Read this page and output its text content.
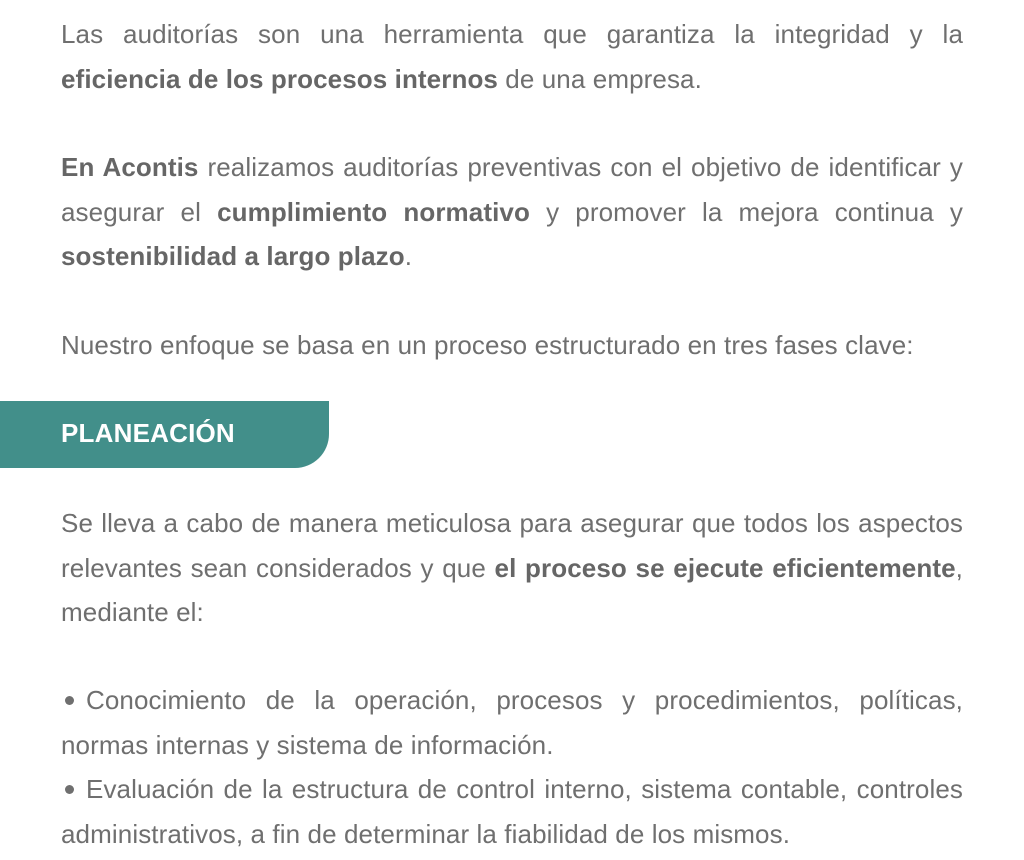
Las auditorías son una herramienta que garantiza la integridad y la eficiencia de los procesos internos de una empresa.

En Acontis realizamos auditorías preventivas con el objetivo de identificar y asegurar el cumplimiento normativo y promover la mejora continua y sostenibilidad a largo plazo.

Nuestro enfoque se basa en un proceso estructurado en tres fases clave:

PLANEACIÓN

Se lleva a cabo de manera meticulosa para asegurar que todos los aspectos relevantes sean considerados y que el proceso se ejecute eficientemente, mediante el:

Conocimiento de la operación, procesos y procedimientos, políticas, normas internas y sistema de información.

Evaluación de la estructura de control interno, sistema contable, controles administrativos, a fin de determinar la fiabilidad de los mismos.
